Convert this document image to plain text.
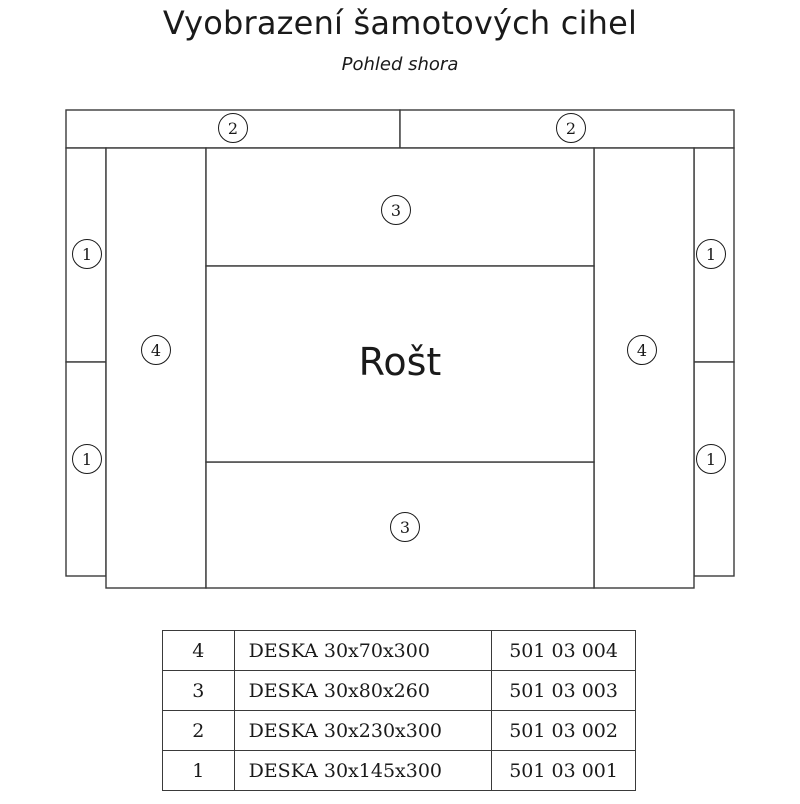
Vyobrazení šamotových cihel
Pohled shora
Rošt
2	2
1	1
3
4	4
1	1
3
4	DESKA 30x70x300	501 03 004
3	DESKA 30x80x260	501 03 003
2	DESKA 30x230x300	501 03 002
1	DESKA 30x145x300	501 03 001
